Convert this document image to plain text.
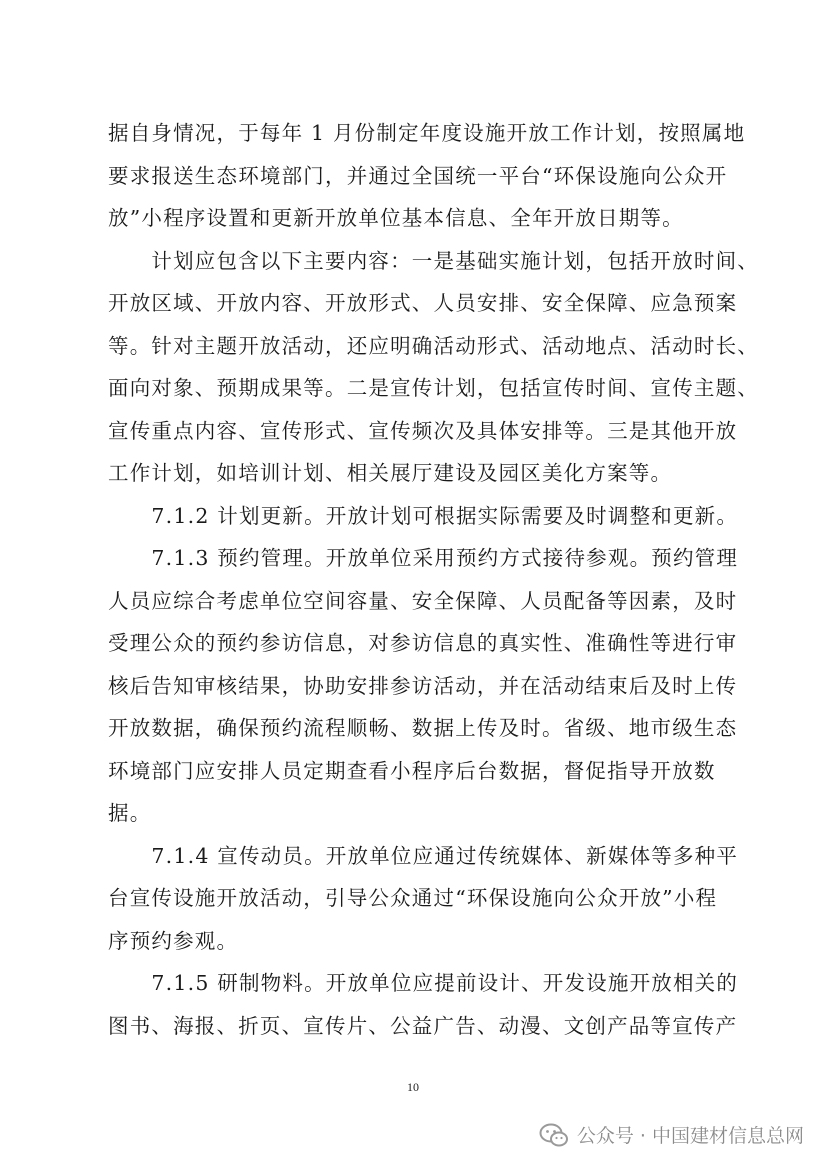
据自身情况，于每年 1 月份制定年度设施开放工作计划，按照属地
要求报送生态环境部门，并通过全国统一平台“环保设施向公众开
放”小程序设置和更新开放单位基本信息、全年开放日期等。
　　计划应包含以下主要内容：一是基础实施计划，包括开放时间、
开放区域、开放内容、开放形式、人员安排、安全保障、应急预案
等。针对主题开放活动，还应明确活动形式、活动地点、活动时长、
面向对象、预期成果等。二是宣传计划，包括宣传时间、宣传主题、
宣传重点内容、宣传形式、宣传频次及具体安排等。三是其他开放
工作计划，如培训计划、相关展厅建设及园区美化方案等。
　　7.1.2 计划更新。开放计划可根据实际需要及时调整和更新。
　　7.1.3 预约管理。开放单位采用预约方式接待参观。预约管理
人员应综合考虑单位空间容量、安全保障、人员配备等因素，及时
受理公众的预约参访信息，对参访信息的真实性、准确性等进行审
核后告知审核结果，协助安排参访活动，并在活动结束后及时上传
开放数据，确保预约流程顺畅、数据上传及时。省级、地市级生态
环境部门应安排人员定期查看小程序后台数据，督促指导开放数
据。
　　7.1.4 宣传动员。开放单位应通过传统媒体、新媒体等多种平
台宣传设施开放活动，引导公众通过“环保设施向公众开放”小程
序预约参观。
　　7.1.5 研制物料。开放单位应提前设计、开发设施开放相关的
图书、海报、折页、宣传片、公益广告、动漫、文创产品等宣传产
10
公众号 · 中国建材信息总网
